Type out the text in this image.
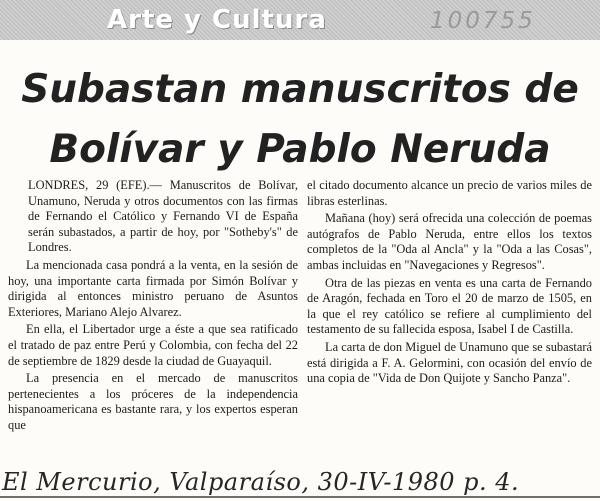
Arte y Cultura	100755
Subastan manuscritos de
Bolívar y Pablo Neruda

LONDRES, 29 (EFE).— Manuscritos de Bolívar, Unamuno, Neruda y otros documentos con las firmas de Fernando el Católico y Fernando VI de España serán subastados, a partir de hoy, por "Sotheby's" de Londres.

La mencionada casa pondrá a la venta, en la sesión de hoy, una importante carta firmada por Simón Bolívar y dirigida al entonces ministro peruano de Asuntos Exteriores, Mariano Alejo Alvarez.

En ella, el Libertador urge a éste a que sea ratificado el tratado de paz entre Perú y Colombia, con fecha del 22 de septiembre de 1829 desde la ciudad de Guayaquil.

La presencia en el mercado de manuscritos pertenecientes a los próceres de la independencia hispanoamericana es bastante rara, y los expertos esperan que

el citado documento alcance un precio de varios miles de libras esterlinas.

Mañana (hoy) será ofrecida una colección de poemas autógrafos de Pablo Neruda, entre ellos los textos completos de la "Oda al Ancla" y la "Oda a las Cosas", ambas incluidas en "Navegaciones y Regresos".

Otra de las piezas en venta es una carta de Fernando de Aragón, fechada en Toro el 20 de marzo de 1505, en la que el rey católico se refiere al cumplimiento del testamento de su fallecida esposa, Isabel I de Castilla.

La carta de don Miguel de Unamuno que se subastará está dirigida a F. A. Gelormini, con ocasión del envío de una copia de "Vida de Don Quijote y Sancho Panza".

El Mercurio, Valparaíso, 30-IV-1980 p. 4.
